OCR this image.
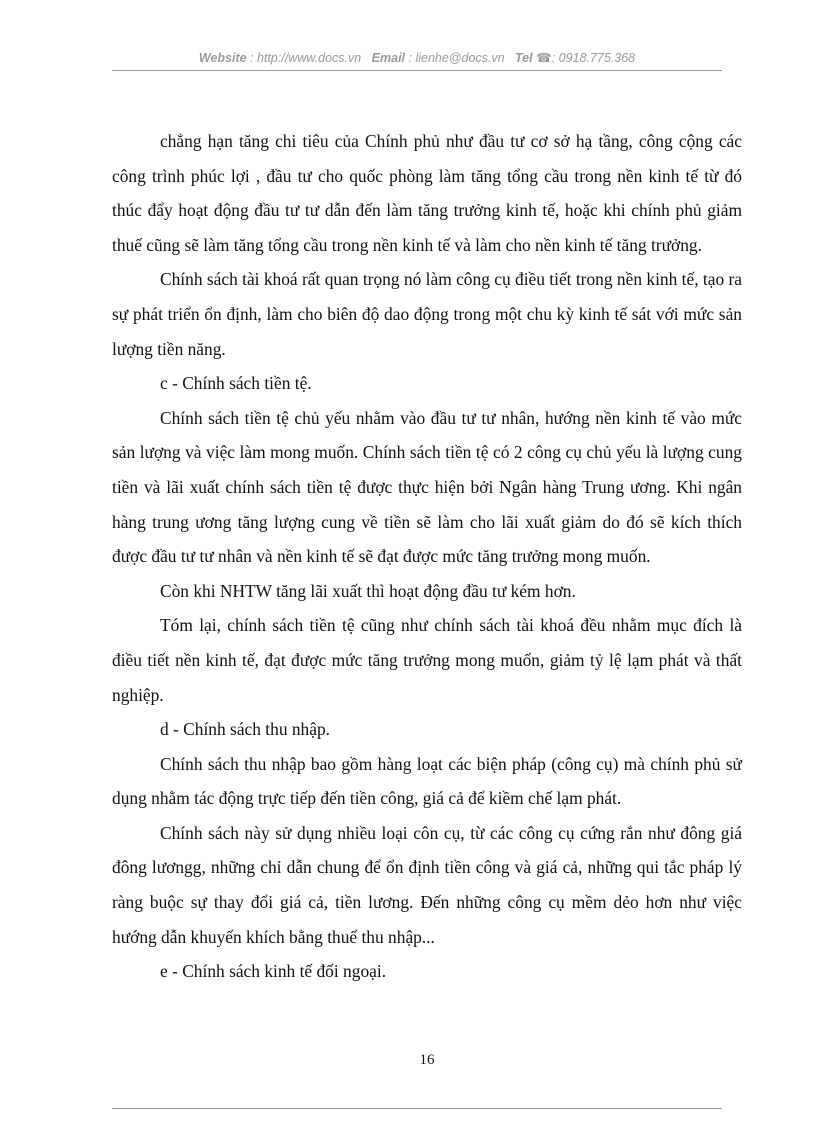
Website : http://www.docs.vn Email : lienhe@docs.vn Tel ☎: 0918.775.368

chẳng hạn tăng chi tiêu của Chính phủ như đầu tư cơ sở hạ tầng, công cộng các công trình phúc lợi , đầu tư cho quốc phòng làm tăng tổng cầu trong nền kinh tế từ đó thúc đẩy hoạt động đầu tư tư dẫn đến làm tăng trưởng kinh tế, hoặc khi chính phủ giảm thuế cũng sẽ làm tăng tổng cầu trong nền kinh tế và làm cho nền kinh tế tăng trưởng.

Chính sách tài khoá rất quan trọng nó làm công cụ điều tiết trong nền kinh tế, tạo ra sự phát triển ổn định, làm cho biên độ dao động trong một chu kỳ kinh tế sát với mức sản lượng tiền năng.

c - Chính sách tiền tệ.

Chính sách tiền tệ chủ yếu nhằm vào đầu tư tư nhân, hướng nền kinh tế vào mức sản lượng và việc làm mong muốn. Chính sách tiền tệ có 2 công cụ chủ yếu là lượng cung tiền và lãi xuất chính sách tiền tệ được thực hiện bởi Ngân hàng Trung ương. Khi ngân hàng trung ương tăng lượng cung về tiền sẽ làm cho lãi xuất giảm do đó sẽ kích thích được đầu tư tư nhân và nền kinh tế sẽ đạt được mức tăng trưởng mong muốn.

Còn khi NHTW tăng lãi xuất thì hoạt động đầu tư kém hơn.

Tóm lại, chính sách tiền tệ cũng như chính sách tài khoá đều nhằm mục đích là điều tiết nền kinh tế, đạt được mức tăng trưởng mong muốn, giảm tỷ lệ lạm phát và thất nghiệp.

d - Chính sách thu nhập.

Chính sách thu nhập bao gồm hàng loạt các biện pháp (công cụ) mà chính phủ sử dụng nhằm tác động trực tiếp đến tiền công, giá cả để kiềm chế lạm phát.

Chính sách này sử dụng nhiều loại côn cụ, từ các công cụ cứng rắn như đông giá đông lươngg, những chỉ dẫn chung để ổn định tiền công và giá cả, những qui tắc pháp lý ràng buộc sự thay đổi giá cả, tiền lương. Đến những công cụ mềm dẻo hơn như việc hướng dẫn khuyến khích bằng thuế thu nhập...

e - Chính sách kinh tế đối ngoại.

16
